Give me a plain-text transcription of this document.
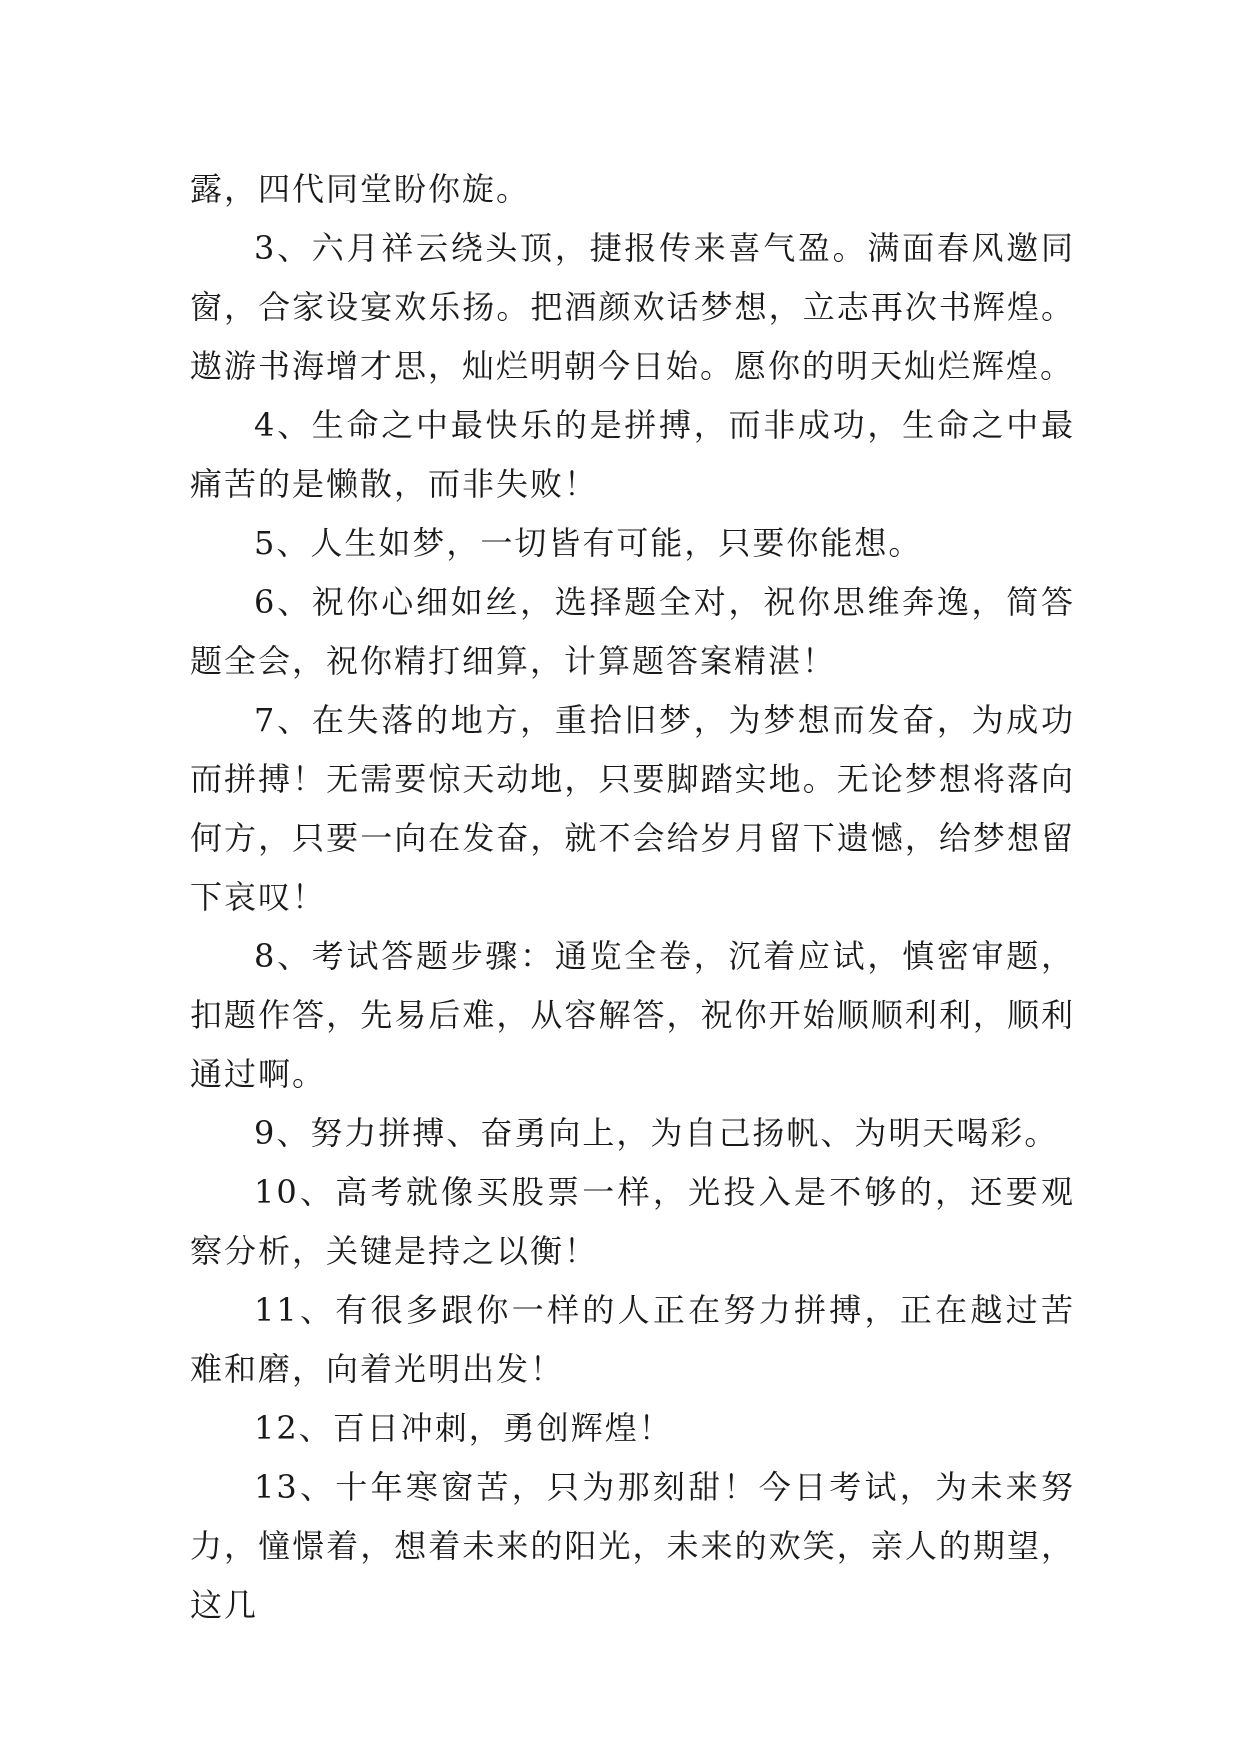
露，四代同堂盼你旋。

3、六月祥云绕头顶，捷报传来喜气盈。满面春风邀同窗，合家设宴欢乐扬。把酒颜欢话梦想，立志再次书辉煌。遨游书海增才思，灿烂明朝今日始。愿你的明天灿烂辉煌。

4、生命之中最快乐的是拼搏，而非成功，生命之中最痛苦的是懒散，而非失败！

5、人生如梦，一切皆有可能，只要你能想。

6、祝你心细如丝，选择题全对，祝你思维奔逸，简答题全会，祝你精打细算，计算题答案精湛！

7、在失落的地方，重拾旧梦，为梦想而发奋，为成功而拼搏！无需要惊天动地，只要脚踏实地。无论梦想将落向何方，只要一向在发奋，就不会给岁月留下遗憾，给梦想留下哀叹！

8、考试答题步骤：通览全卷，沉着应试，慎密审题，扣题作答，先易后难，从容解答，祝你开始顺顺利利，顺利通过啊。

9、努力拼搏、奋勇向上，为自己扬帆、为明天喝彩。

10、高考就像买股票一样，光投入是不够的，还要观察分析，关键是持之以衡！

11、有很多跟你一样的人正在努力拼搏，正在越过苦难和磨，向着光明出发！

12、百日冲刺，勇创辉煌！

13、十年寒窗苦，只为那刻甜！今日考试，为未来努力，憧憬着，想着未来的阳光，未来的欢笑，亲人的期望，这几
